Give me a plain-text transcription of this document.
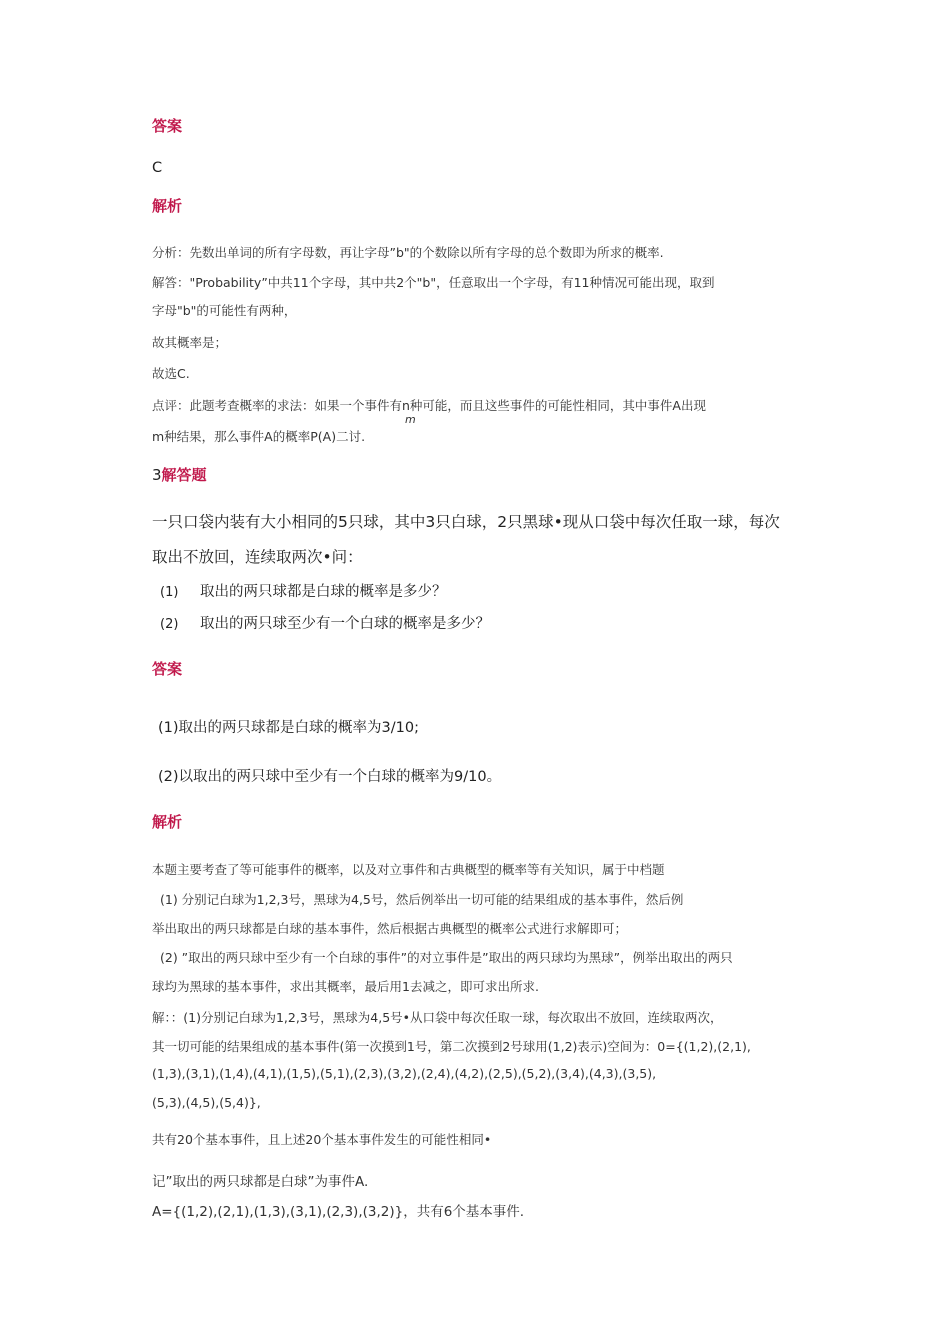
答案
C
解析
分析：先数出单词的所有字母数，再让字母”b"的个数除以所有字母的总个数即为所求的概率.
解答："Probability”中共11个字母，其中共2个"b"，任意取出一个字母，有11种情况可能出现，取到
字母"b"的可能性有两种，
故其概率是；
故选C.
点评：此题考查概率的求法：如果一个事件有n种可能，而且这些事件的可能性相同，其中事件A出现
m
m种结果，那么事件A的概率P(A)二讨.
3解答题
一只口袋内装有大小相同的5只球，其中3只白球，2只黑球•现从口袋中每次任取一球，每次
取出不放回，连续取两次•问：
(1) 取出的两只球都是白球的概率是多少？
(2) 取出的两只球至少有一个白球的概率是多少？
答案
(1)取出的两只球都是白球的概率为3/10;
(2)以取出的两只球中至少有一个白球的概率为9/10。
解析
本题主要考查了等可能事件的概率，以及对立事件和古典概型的概率等有关知识，属于中档题
(1) 分别记白球为1,2,3号，黑球为4,5号，然后例举出一切可能的结果组成的基本事件，然后例
举出取出的两只球都是白球的基本事件，然后根据古典概型的概率公式进行求解即可；
(2) ”取出的两只球中至少有一个白球的事件”的对立事件是”取出的两只球均为黑球”，例举出取出的两只
球均为黑球的基本事件，求出其概率，最后用1去减之，即可求出所求.
解：：(1)分别记白球为1,2,3号，黑球为4,5号•从口袋中每次任取一球，每次取出不放回，连续取两次，
其一切可能的结果组成的基本事件(第一次摸到1号，第二次摸到2号球用(1,2)表示)空间为：0={(1,2),(2,1),
(1,3),(3,1),(1,4),(4,1),(1,5),(5,1),(2,3),(3,2),(2,4),(4,2),(2,5),(5,2),(3,4),(4,3),(3,5),
(5,3),(4,5),(5,4)},
共有20个基本事件，且上述20个基本事件发生的可能性相同•
记”取出的两只球都是白球”为事件A.
A={(1,2),(2,1),(1,3),(3,1),(2,3),(3,2)}，共有6个基本事件.
